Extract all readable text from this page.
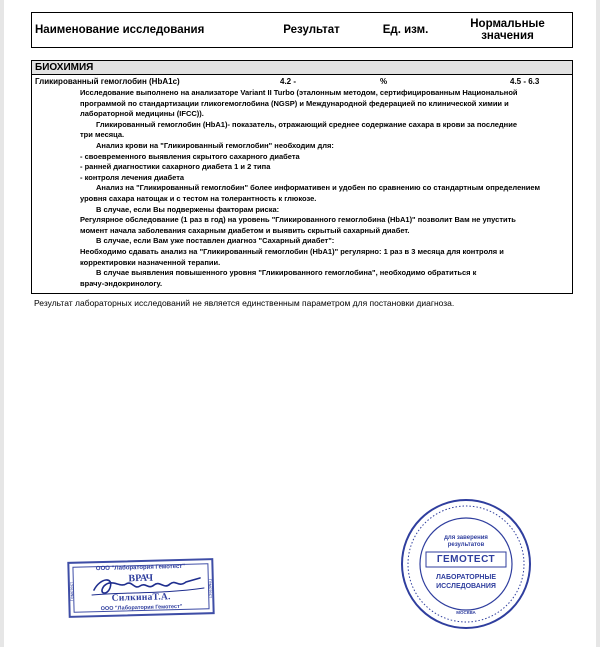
Наименование исследования	Результат	Ед. изм.	Нормальные значения
БИОХИМИЯ
Гликированный гемоглобин (HbA1c)	4.2 -	%	4.5 - 6.3
Исследование выполнено на анализаторе Variant II Turbo (эталонным методом, сертифицированным Национальной
программой по стандартизации гликогемоглобина (NGSP) и Международной федерацией по клинической химии и
лабораторной медицины (IFCC)).
Гликированный гемоглобин (HbA1)- показатель, отражающий среднее содержание сахара в крови за последние
три месяца.
Анализ крови на "Гликированный гемоглобин" необходим для:
- своевременного выявления скрытого сахарного диабета
- ранней диагностики сахарного диабета 1 и 2 типа
- контроля лечения диабета
Анализ на "Гликированный гемоглобин" более информативен и удобен по сравнению со стандартным определением
уровня сахара натощак и с тестом на толерантность к глюкозе.
В случае, если Вы подвержены факторам риска:
Регулярное обследование (1 раз в год) на уровень "Гликированного гемоглобина (HbA1)" позволит Вам не упустить
момент начала заболевания сахарным диабетом и выявить скрытый сахарный диабет.
В случае, если Вам уже поставлен диагноз "Сахарный диабет":
Необходимо сдавать анализ на "Гликированный гемоглобин (HbA1)" регулярно: 1 раз в 3 месяца для контроля и
корректировки назначенной терапии.
В случае выявления повышенного уровня "Гликированного гемоглобина", необходимо обратиться к
врачу-эндокринологу.
Результат лабораторных исследований не является единственным параметром для постановки диагноза.
ООО "Лаборатория Гемотест"
ВРАЧ
СилкинаТ.А.
ООО "Лаборатория Гемотест"
Гемотест	Гемотест
для заверения
результатов
ГЕМОТЕСТ
ЛАБОРАТОРНЫЕ
ИССЛЕДОВАНИЯ
МОСКВА
